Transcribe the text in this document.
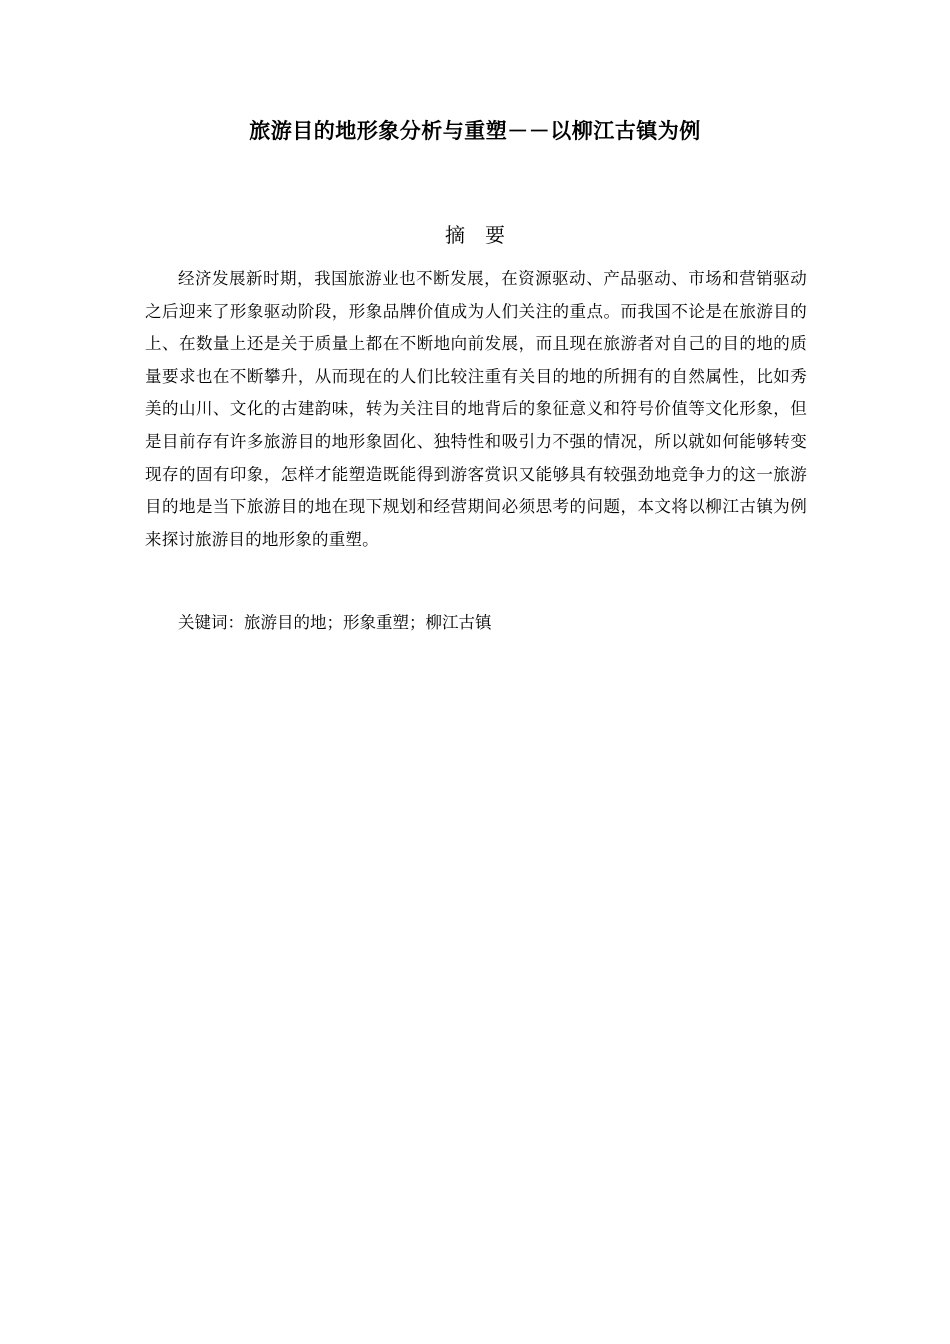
旅游目的地形象分析与重塑－－以柳江古镇为例
摘要

经济发展新时期，我国旅游业也不断发展，在资源驱动、产品驱动、市场和营销驱动之后迎来了形象驱动阶段，形象品牌价值成为人们关注的重点。而我国不论是在旅游目的上、在数量上还是关于质量上都在不断地向前发展，而且现在旅游者对自己的目的地的质量要求也在不断攀升，从而现在的人们比较注重有关目的地的所拥有的自然属性，比如秀美的山川、文化的古建韵味，转为关注目的地背后的象征意义和符号价值等文化形象，但是目前存有许多旅游目的地形象固化、独特性和吸引力不强的情况，所以就如何能够转变现存的固有印象，怎样才能塑造既能得到游客赏识又能够具有较强劲地竞争力的这一旅游目的地是当下旅游目的地在现下规划和经营期间必须思考的问题，本文将以柳江古镇为例来探讨旅游目的地形象的重塑。

关键词：旅游目的地；形象重塑；柳江古镇
